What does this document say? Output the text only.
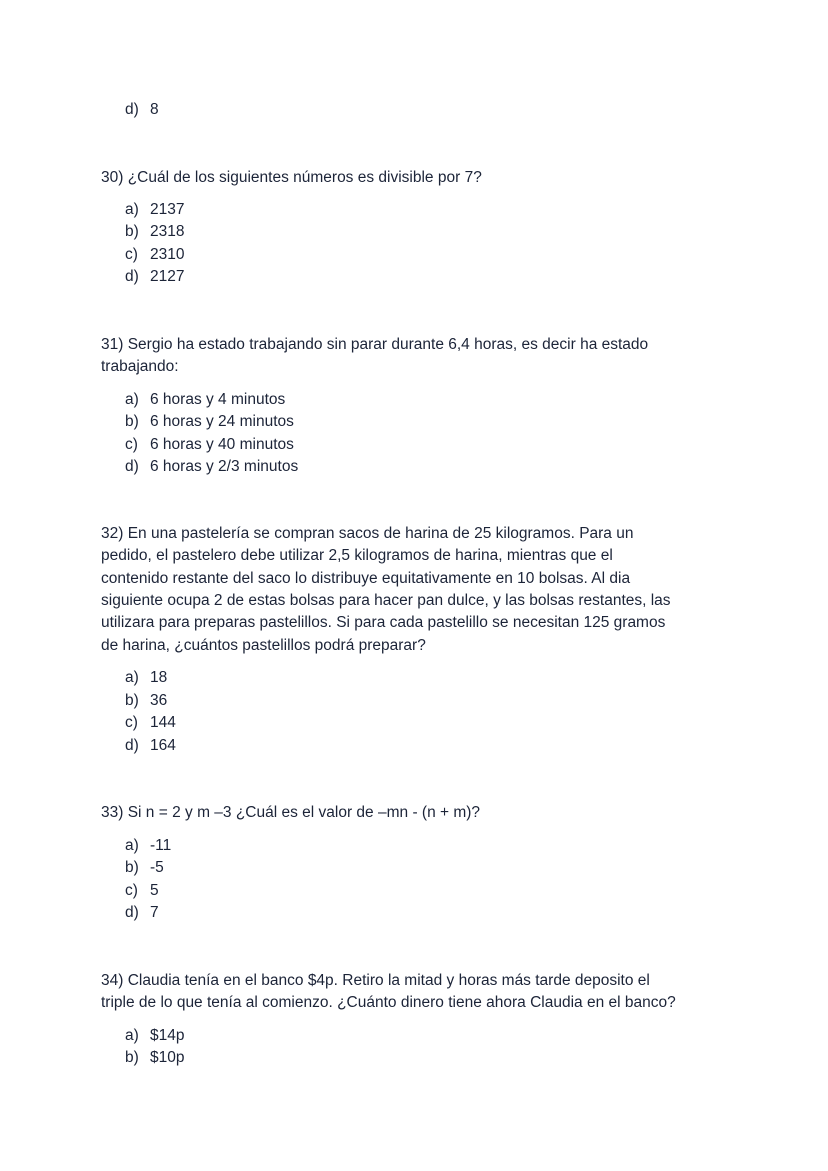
d) 8
30) ¿Cuál de los siguientes números es divisible por 7?
a) 2137
b) 2318
c) 2310
d) 2127
31) Sergio ha estado trabajando sin parar durante 6,4 horas, es decir ha estado
trabajando:
a) 6 horas y 4 minutos
b) 6 horas y 24 minutos
c) 6 horas y 40 minutos
d) 6 horas y 2/3 minutos
32) En una pastelería se compran sacos de harina de 25 kilogramos. Para un
pedido, el pastelero debe utilizar 2,5 kilogramos de harina, mientras que el
contenido restante del saco lo distribuye equitativamente en 10 bolsas. Al dia
siguiente ocupa 2 de estas bolsas para hacer pan dulce, y las bolsas restantes, las
utilizara para preparas pastelillos. Si para cada pastelillo se necesitan 125 gramos
de harina, ¿cuántos pastelillos podrá preparar?
a) 18
b) 36
c) 144
d) 164
33) Si n = 2 y m –3 ¿Cuál es el valor de –mn - (n + m)?
a) -11
b) -5
c) 5
d) 7
34) Claudia tenía en el banco $4p. Retiro la mitad y horas más tarde deposito el
triple de lo que tenía al comienzo. ¿Cuánto dinero tiene ahora Claudia en el banco?
a) $14p
b) $10p
